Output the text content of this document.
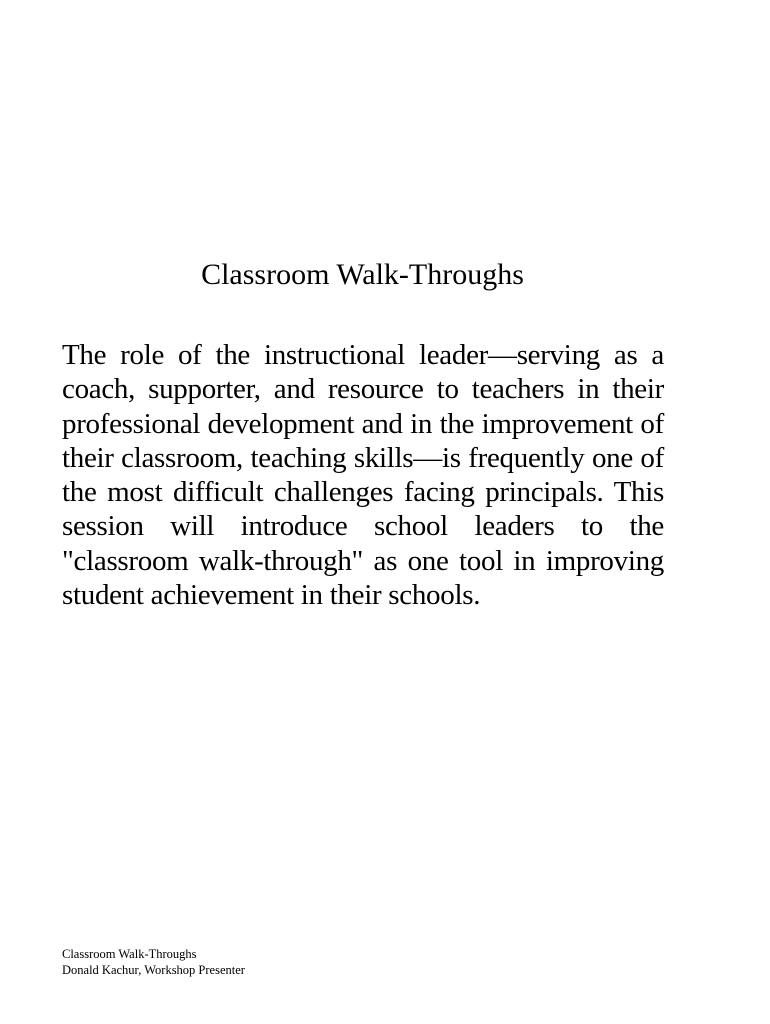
Classroom Walk-Throughs
The role of the instructional leader—serving as a coach, supporter, and resource to teachers in their professional development and in the improvement of their classroom, teaching skills—is frequently one of the most difficult challenges facing principals. This session will introduce school leaders to the "classroom walk-through" as one tool in improving student achievement in their schools.
Classroom Walk-Throughs
Donald Kachur, Workshop Presenter
